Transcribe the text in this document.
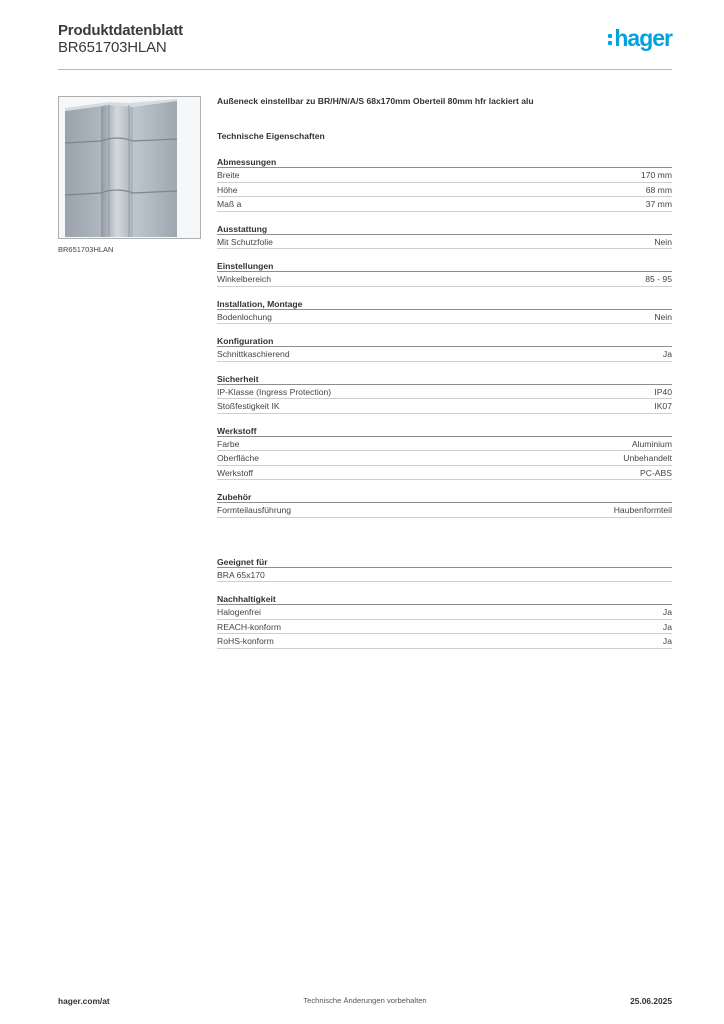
Produktdatenblatt
BR651703HLAN	hager
BR651703HLAN
Außeneck einstellbar zu BR/H/N/A/S 68x170mm Oberteil 80mm hfr lackiert alu
Technische Eigenschaften
Abmessungen
Breite	170 mm
Höhe	68 mm
Maß a	37 mm
Ausstattung
Mit Schutzfolie	Nein
Einstellungen
Winkelbereich	85 - 95
Installation, Montage
Bodenlochung	Nein
Konfiguration
Schnittkaschierend	Ja
Sicherheit
IP-Klasse (Ingress Protection)	IP40
Stoßfestigkeit IK	IK07
Werkstoff
Farbe	Aluminium
Oberfläche	Unbehandelt
Werkstoff	PC-ABS
Zubehör
Formteilausführung	Haubenformteil
Geeignet für
BRA 65x170
Nachhaltigkeit
Halogenfrei	Ja
REACH-konform	Ja
RoHS-konform	Ja
hager.com/at	Technische Änderungen vorbehalten	25.06.2025
